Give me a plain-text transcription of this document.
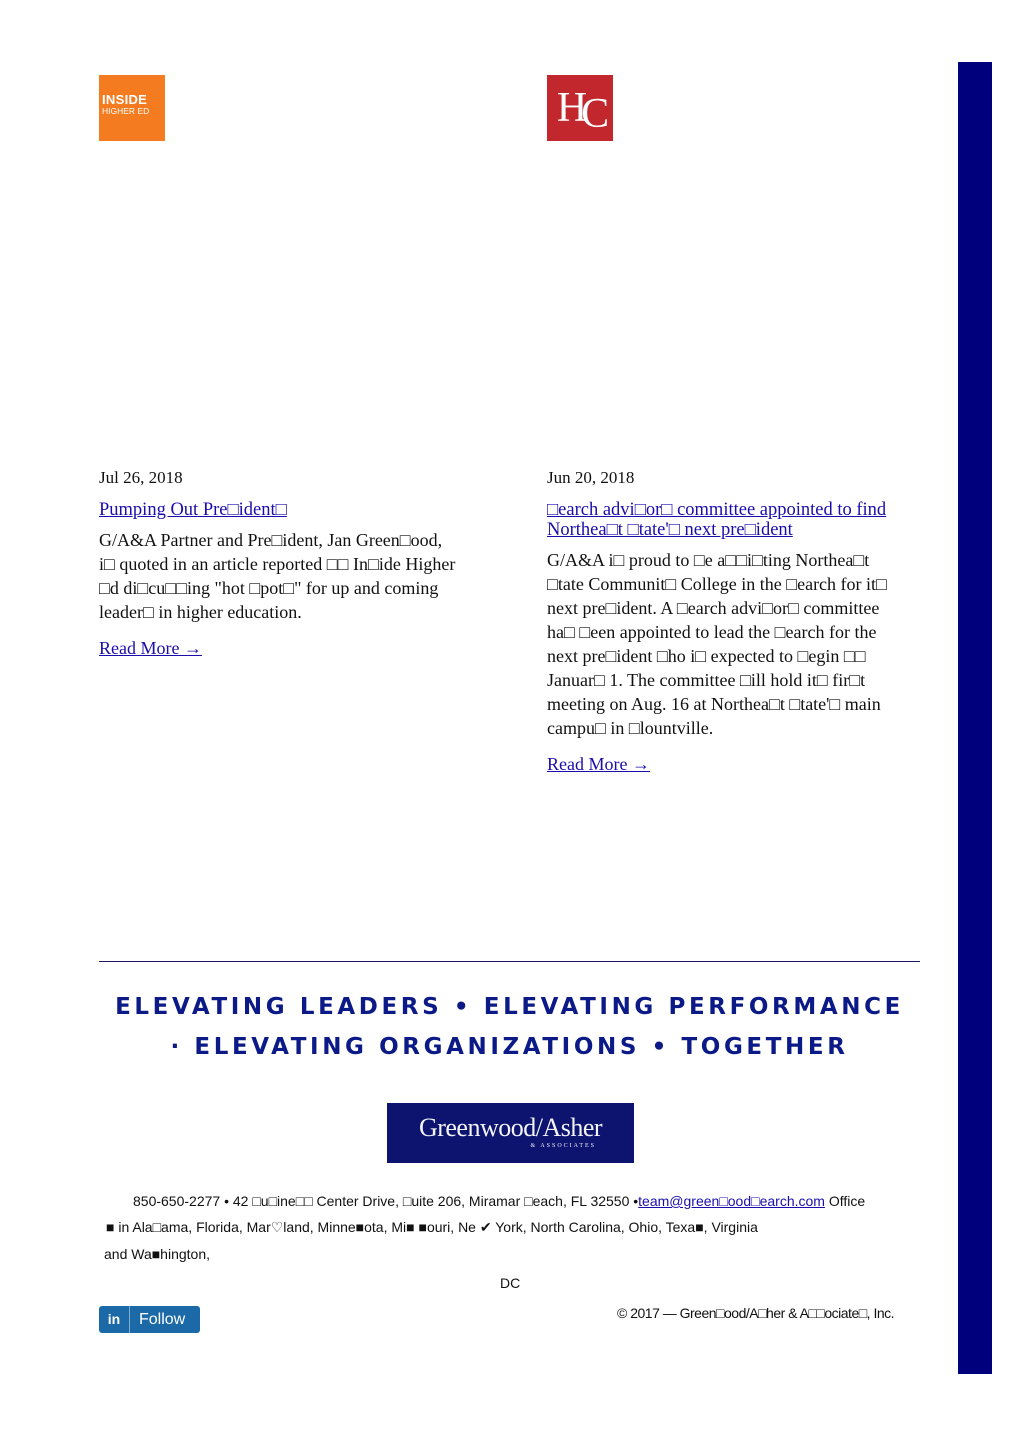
INSIDE
HIGHER ED	HC
Jul 26, 2018
Pumping Out Pre□ident□

G/A&A Partner and Pre□ident, Jan Green□ood, i□ quoted in an article reported □□ In□ide Higher □d di□cu□□ing "hot □pot□" for up and coming leader□ in higher education.

Read More →
Jun 20, 2018
□earch advi□or□ committee appointed to find Northea□t □tate'□ next pre□ident

G/A&A i□ proud to □e a□□i□ting Northea□t □tate Communit□ College in the □earch for it□ next pre□ident. A □earch advi□or□ committee ha□ □een appointed to lead the □earch for the next pre□ident □ho i□ expected to □egin □□ Januar□ 1. The committee □ill hold it□ fir□t meeting on Aug. 16 at Northea□t □tate'□ main campu□ in □lountville.

Read More →
ELEVATING LEADERS • ELEVATING PERFORMANCE
· ELEVATING ORGANIZATIONS • TOGETHER
Greenwood/Asher
& ASSOCIATES
850-650-2277 • 42 □u□ine□□ Center Drive, □uite 206, Miramar □each, FL 32550 •team@green□ood□earch.com Office
■ in Ala□ama, Florida, Mar♡land, Minne■ota, Mi■ ■ouri, Ne ✔ York, North Carolina, Ohio, Texa■, Virginia
and Wa■hington,
DC
in	Follow	© 2017 — Green□ood/A□her & A□□ociate□, Inc.
